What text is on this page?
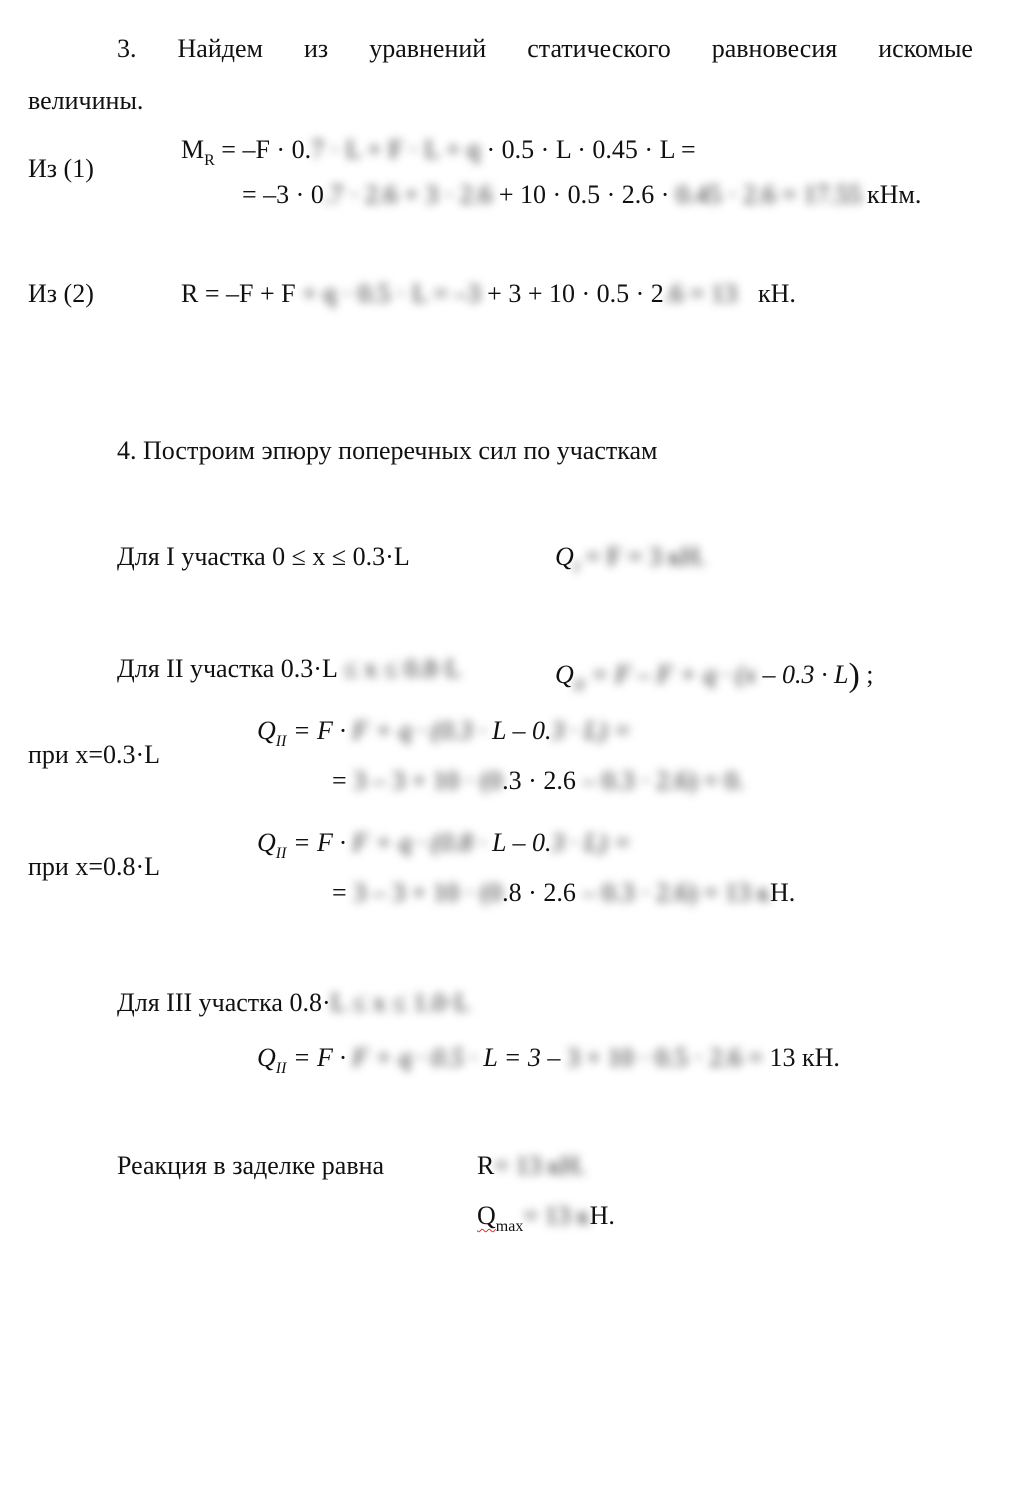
3. Найдем из уравнений статического равновесия искомые
величины.
Из (1)
$M_R = -F \cdot 0.7 \cdot L + F \cdot L + q \cdot 0.5 \cdot L \cdot 0.45 \cdot L$ =
= –3 · 0.7 · 2.6 + 3 · 2.6 + 10 · 0.5 · 2.6 · 0.45 · 2.6 = 17.55 кНм.
Из (2)	R = –F + F + q · 0.5 · L = –3 + 3 + 10 · 0.5 · 2.6 = 13 кН.
4. Построим эпюру поперечных сил по участкам
Для I участка 0 ≤ x ≤ 0.3·L	$Q_I = F = 3$ кН.
Для II участка 0.3·L ≤ x ≤ 0.8·L	$Q_{II} = F - F + q \cdot (x - 0.3 \cdot L)$ ;
при x=0.3·L
$Q_{II} = F \cdot F + q \cdot (0.3 \cdot L - 0.3 \cdot L)$ =
= 3 – 3 + 10 · (0.3 · 2.6 – 0.3 · 2.6) = 0.
при x=0.8·L
$Q_{II} = F \cdot F + q \cdot (0.8 \cdot L - 0.3 \cdot L)$ =
= 3 – 3 + 10 · (0.8 · 2.6 – 0.3 · 2.6) = 13 кН.
Для III участка 0.8·L ≤ x ≤ 1.0·L
$Q_{II} = F \cdot F + q \cdot 0.5 \cdot L = 3 - 3 + 10 \cdot 0.5 \cdot 2.6 = 13$ кН.
Реакция в заделке равна	R= 13 кН.
$Q_{max}= 13$ кН.
